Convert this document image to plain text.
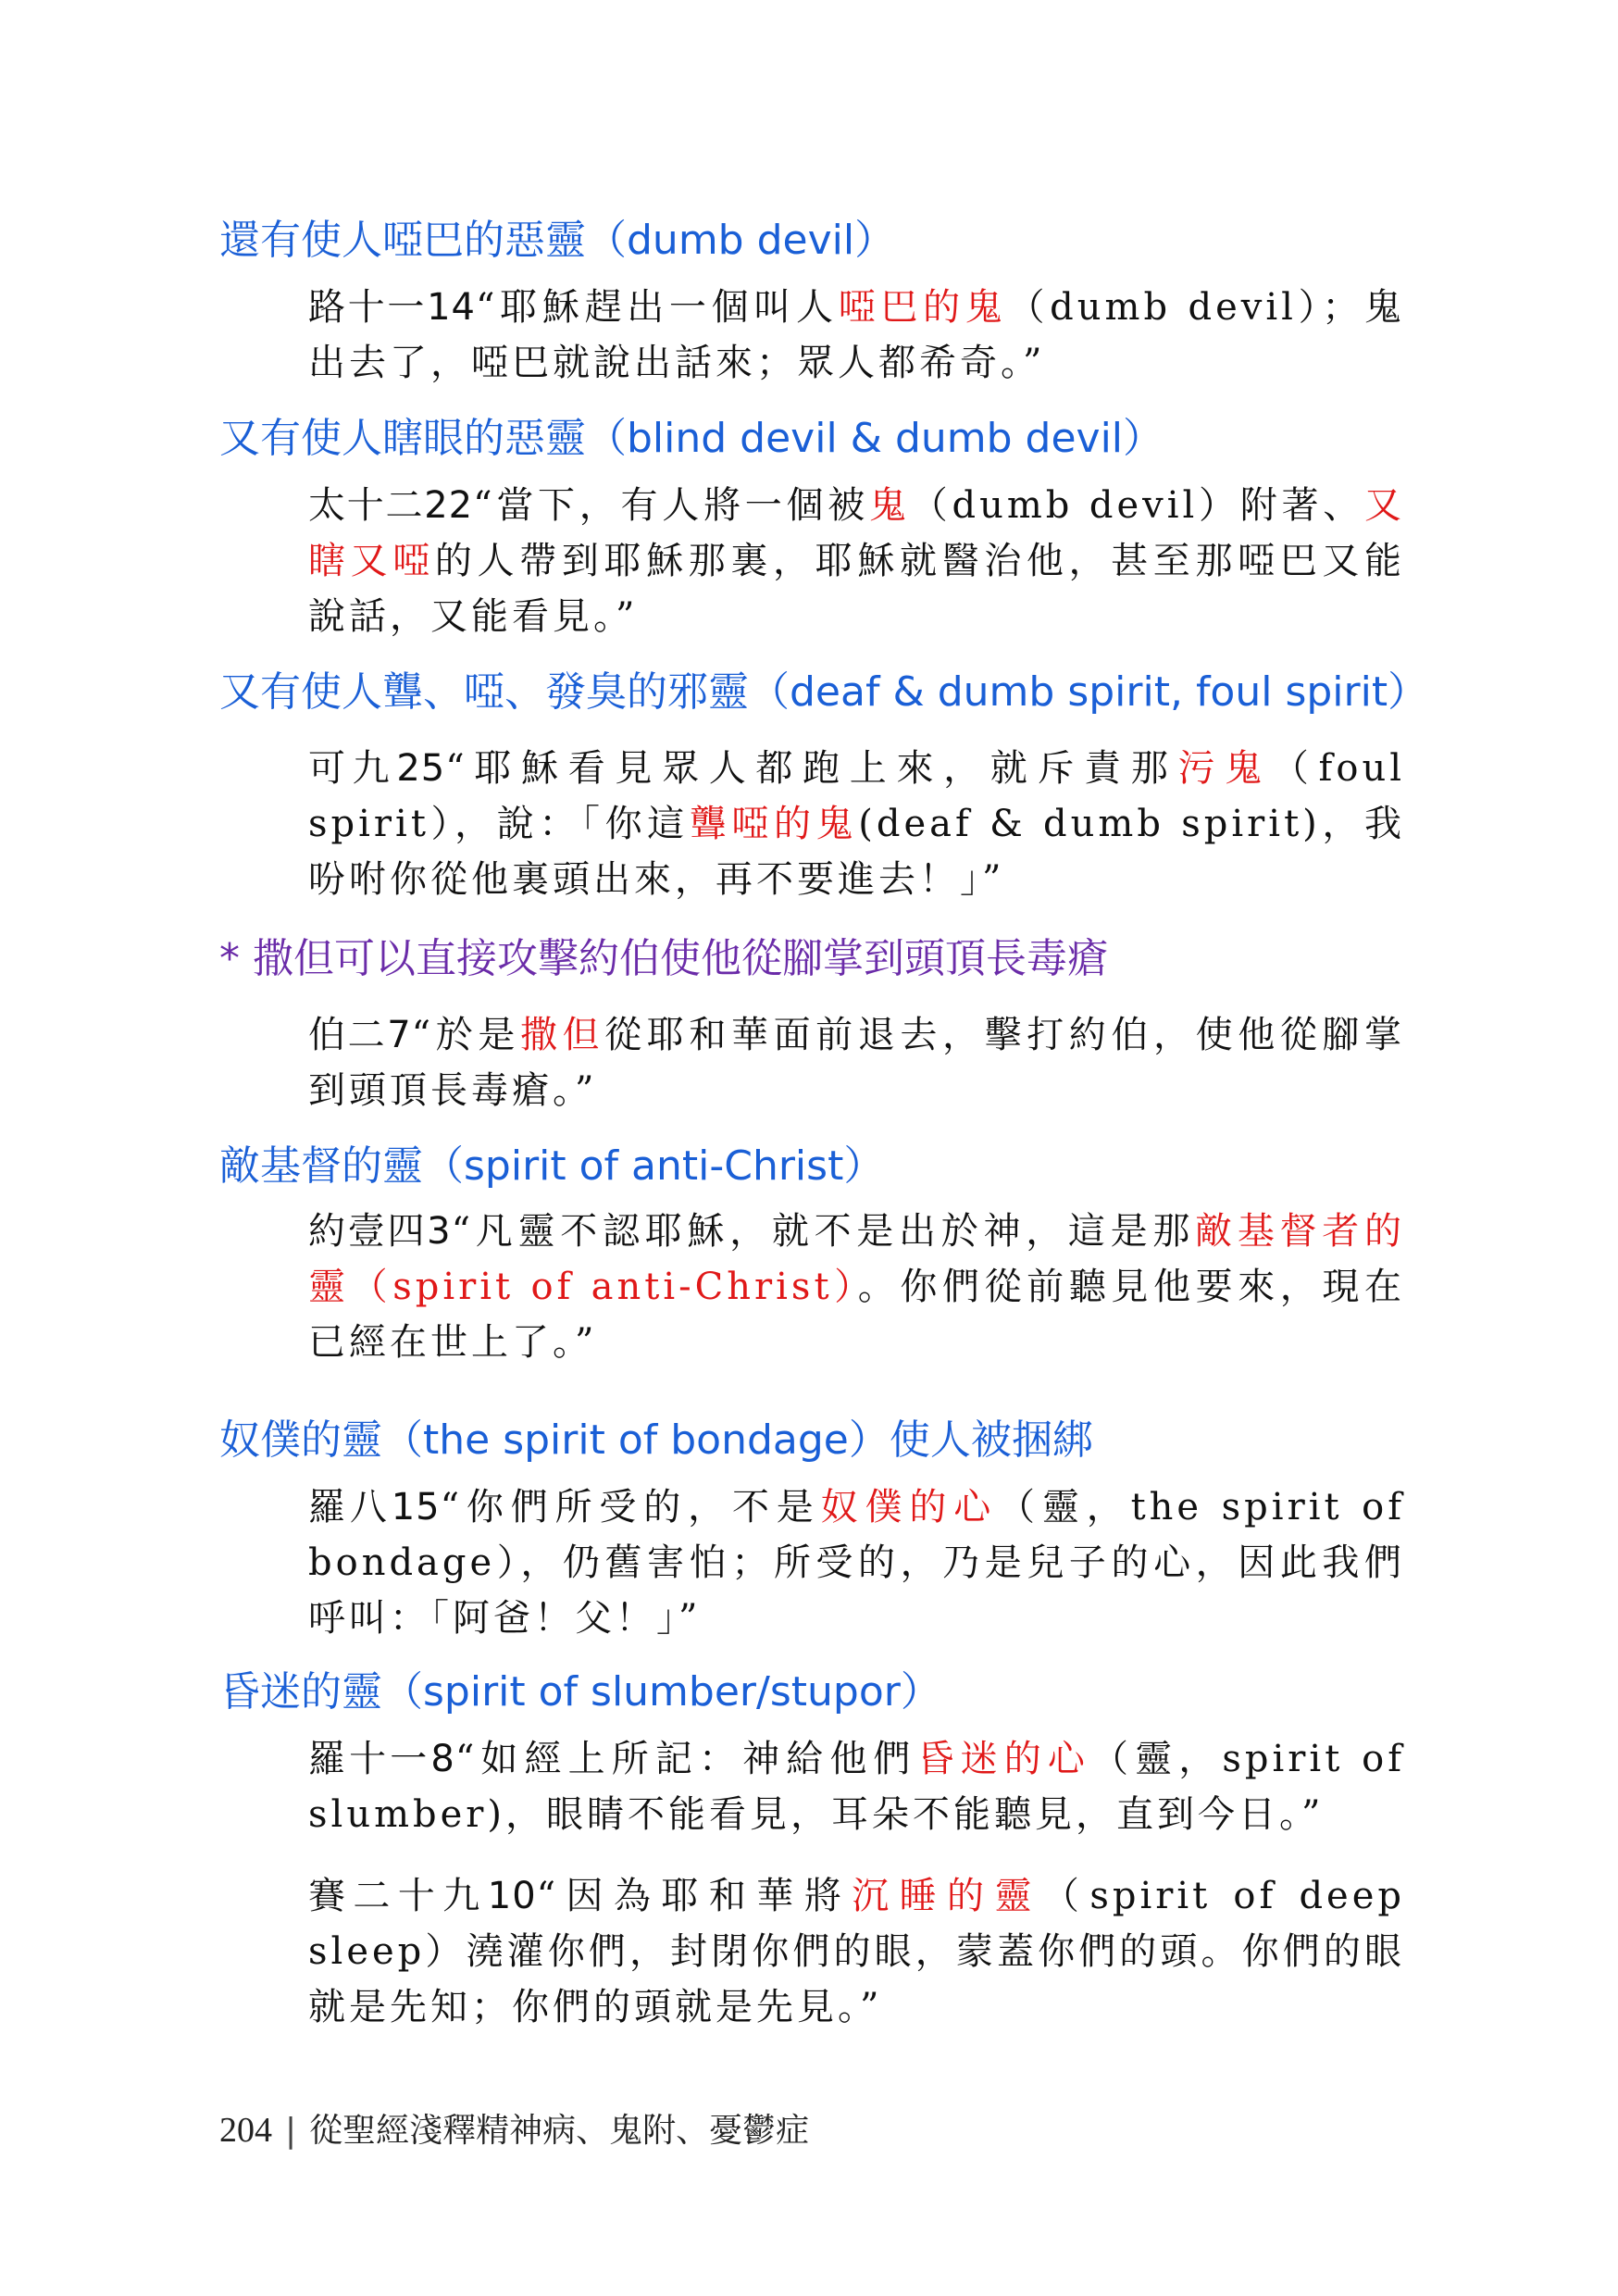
還有使人啞巴的惡靈（dumb devil）
路十一14“耶穌趕出一個叫人啞巴的鬼（dumb devil）；鬼出去了，啞巴就說出話來；眾人都希奇。”
又有使人瞎眼的惡靈（blind devil & dumb devil）
太十二22“當下，有人將一個被鬼（dumb devil）附著、又瞎又啞的人帶到耶穌那裏，耶穌就醫治他，甚至那啞巴又能說話，又能看見。”
又有使人聾、啞、發臭的邪靈（deaf & dumb spirit, foul spirit）
可九25“耶穌看見眾人都跑上來，就斥責那污鬼（foul spirit），說：「你這聾啞的鬼(deaf & dumb spirit)，我吩咐你從他裏頭出來，再不要進去！」”
* 撒但可以直接攻擊約伯使他從腳掌到頭頂長毒瘡
伯二7“於是撒但從耶和華面前退去，擊打約伯，使他從腳掌到頭頂長毒瘡。”
敵基督的靈（spirit of anti-Christ）
約壹四3“凡靈不認耶穌，就不是出於神，這是那敵基督者的靈（spirit of anti-Christ）。你們從前聽見他要來，現在已經在世上了。”
奴僕的靈（the spirit of bondage）使人被捆綁
羅八15“你們所受的，不是奴僕的心（靈，the spirit of bondage），仍舊害怕；所受的，乃是兒子的心，因此我們呼叫：「阿爸！父！」”
昏迷的靈（spirit of slumber/stupor）
羅十一8“如經上所記：神給他們昏迷的心（靈，spirit of slumber)，眼睛不能看見，耳朵不能聽見，直到今日。”
賽二十九10“因為耶和華將沉睡的靈（spirit of deep sleep）澆灌你們，封閉你們的眼，蒙蓋你們的頭。你們的眼就是先知；你們的頭就是先見。”
204 | 從聖經淺釋精神病、鬼附、憂鬱症
